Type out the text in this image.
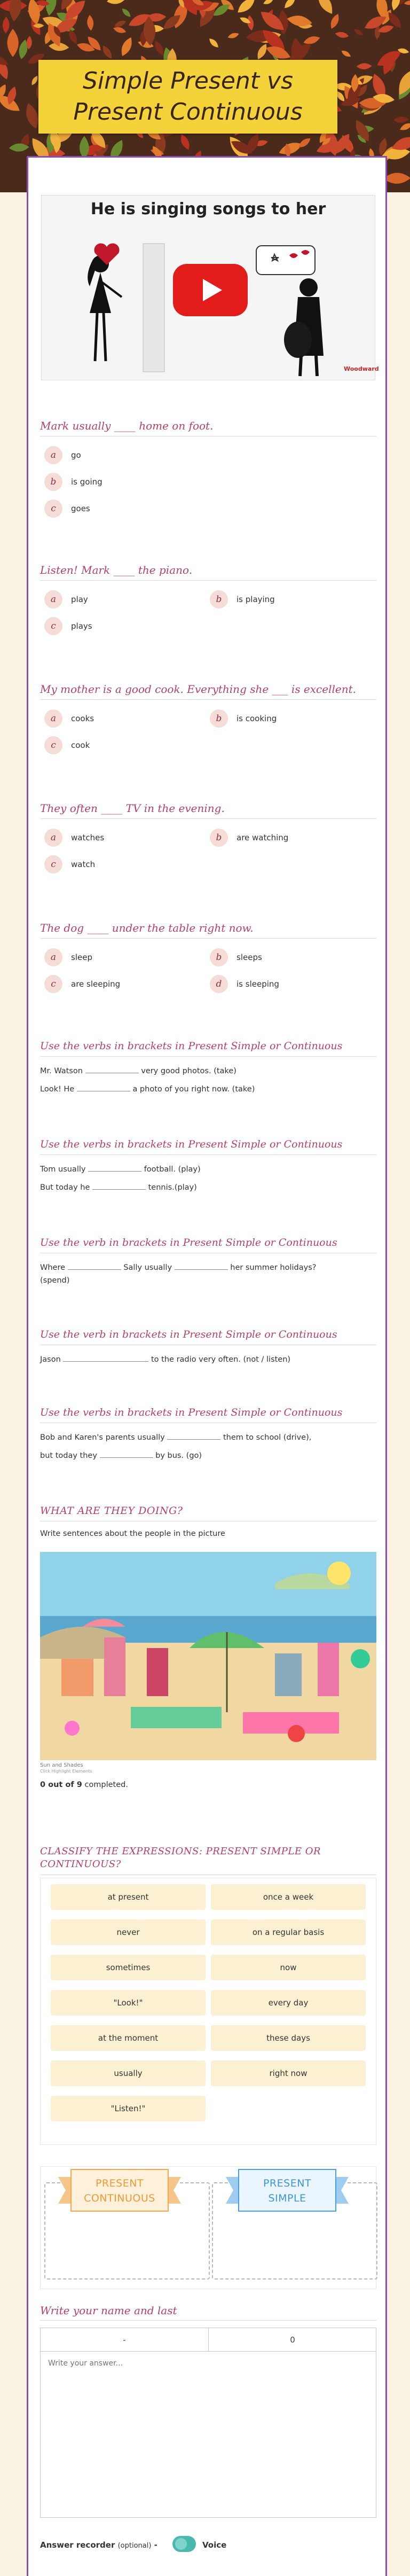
Simple Present vs
Present Continuous
He is singing songs to her
Woodward
Mark usually ____ home on foot.
a	go
b	is going
c	goes
Listen! Mark ____ the piano.
a	play	b	is playing
c	plays
My mother is a good cook. Everything she ___ is excellent.
a	cooks	b	is cooking
c	cook
They often ____ TV in the evening.
a	watches	b	are watching
c	watch
The dog ____ under the table right now.
a	sleep	b	sleeps
c	are sleeping	d	is sleeping
Use the verbs in brackets in Present Simple or Continuous
Mr. Watson	very good photos. (take)
Look! He	a photo of you right now. (take)
Use the verbs in brackets in Present Simple or Continuous
Tom usually	football. (play)
But today he	tennis.(play)
Use the verb in brackets in Present Simple or Continuous
Where	Sally usually	her summer holidays?
(spend)
Use the verb in brackets in Present Simple or Continuous
Jason	to the radio very often. (not / listen)
Use the verbs in brackets in Present Simple or Continuous
Bob and Karen's parents usually	them to school (drive),
but today they	by bus. (go)
WHAT ARE THEY DOING?
Write sentences about the people in the picture
Sun and Shades
Click Highlight Elements
0 out of 9 completed.
CLASSIFY THE EXPRESSIONS: PRESENT SIMPLE OR
CONTINUOUS?
at present	once a week
never	on a regular basis
sometimes	now
"Look!"	every day
at the moment	these days
usually	right now
"Listen!"
PRESENT
CONTINUOUS
PRESENT
SIMPLE
Write your name and last
-	0
Write your answer...
Answer recorder (optional) -	Voice
